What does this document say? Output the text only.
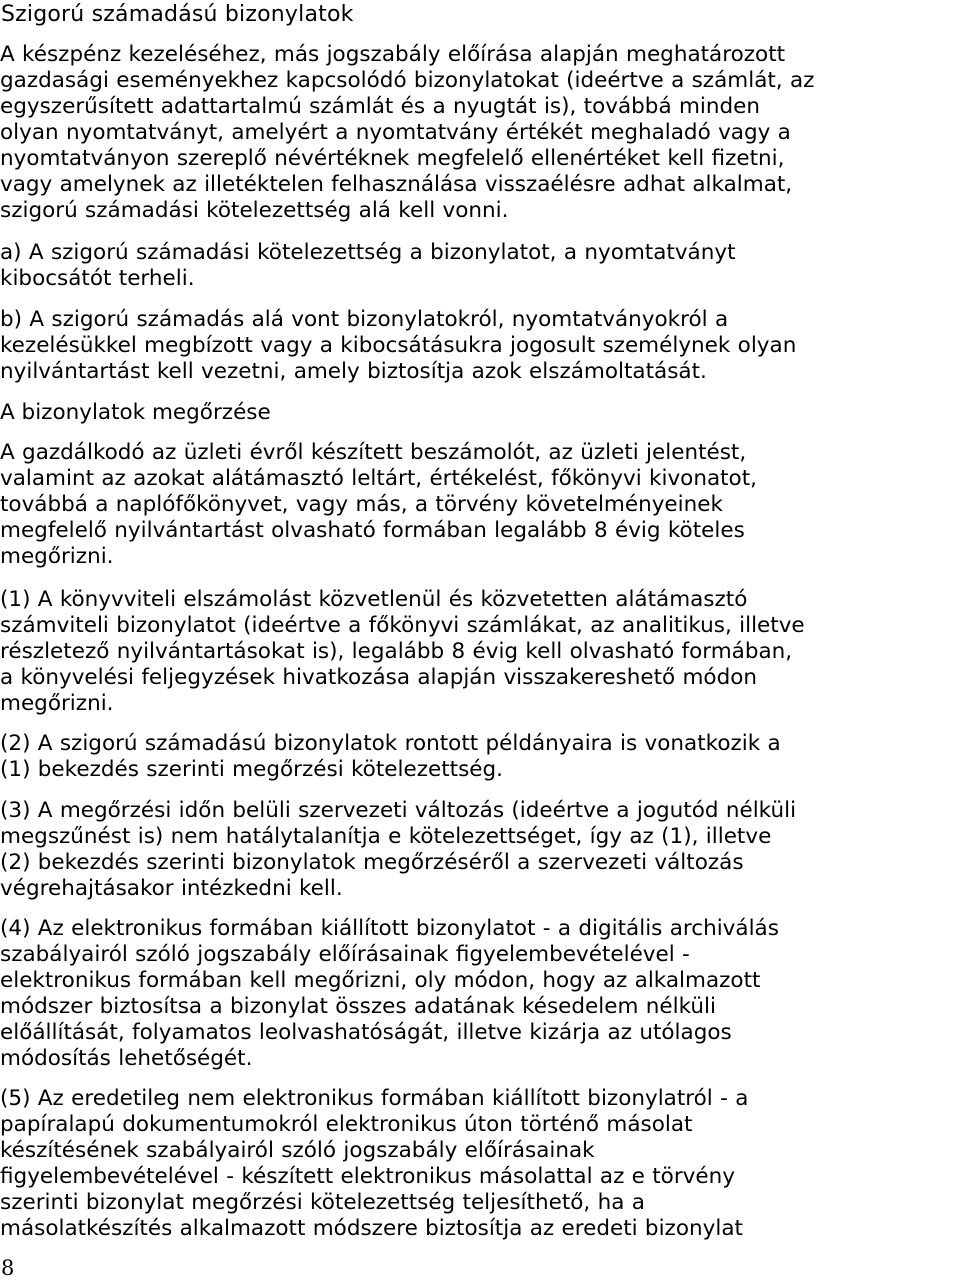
Szigorú számadású bizonylatok
A készpénz kezeléséhez, más jogszabály előírása alapján meghatározott
gazdasági eseményekhez kapcsolódó bizonylatokat (ideértve a számlát, az
egyszerűsített adattartalmú számlát és a nyugtát is), továbbá minden
olyan nyomtatványt, amelyért a nyomtatvány értékét meghaladó vagy a
nyomtatványon szereplő névértéknek megfelelő ellenértéket kell fizetni,
vagy amelynek az illetéktelen felhasználása visszaélésre adhat alkalmat,
szigorú számadási kötelezettség alá kell vonni.
a) A szigorú számadási kötelezettség a bizonylatot, a nyomtatványt
kibocsátót terheli.
b) A szigorú számadás alá vont bizonylatokról, nyomtatványokról a
kezelésükkel megbízott vagy a kibocsátásukra jogosult személynek olyan
nyilvántartást kell vezetni, amely biztosítja azok elszámoltatását.
A bizonylatok megőrzése
A gazdálkodó az üzleti évről készített beszámolót, az üzleti jelentést,
valamint az azokat alátámasztó leltárt, értékelést, főkönyvi kivonatot,
továbbá a naplófőkönyvet, vagy más, a törvény követelményeinek
megfelelő nyilvántartást olvasható formában legalább 8 évig köteles
megőrizni.
(1) A könyvviteli elszámolást közvetlenül és közvetetten alátámasztó
számviteli bizonylatot (ideértve a főkönyvi számlákat, az analitikus, illetve
részletező nyilvántartásokat is), legalább 8 évig kell olvasható formában,
a könyvelési feljegyzések hivatkozása alapján visszakereshető módon
megőrizni.
(2) A szigorú számadású bizonylatok rontott példányaira is vonatkozik a
(1) bekezdés szerinti megőrzési kötelezettség.
(3) A megőrzési időn belüli szervezeti változás (ideértve a jogutód nélküli
megszűnést is) nem hatálytalanítja e kötelezettséget, így az (1), illetve
(2) bekezdés szerinti bizonylatok megőrzéséről a szervezeti változás
végrehajtásakor intézkedni kell.
(4) Az elektronikus formában kiállított bizonylatot - a digitális archiválás
szabályairól szóló jogszabály előírásainak figyelembevételével -
elektronikus formában kell megőrizni, oly módon, hogy az alkalmazott
módszer biztosítsa a bizonylat összes adatának késedelem nélküli
előállítását, folyamatos leolvashatóságát, illetve kizárja az utólagos
módosítás lehetőségét.
(5) Az eredetileg nem elektronikus formában kiállított bizonylatról - a
papíralapú dokumentumokról elektronikus úton történő másolat
készítésének szabályairól szóló jogszabály előírásainak
figyelembevételével - készített elektronikus másolattal az e törvény
szerinti bizonylat megőrzési kötelezettség teljesíthető, ha a
másolatkészítés alkalmazott módszere biztosítja az eredeti bizonylat
8
